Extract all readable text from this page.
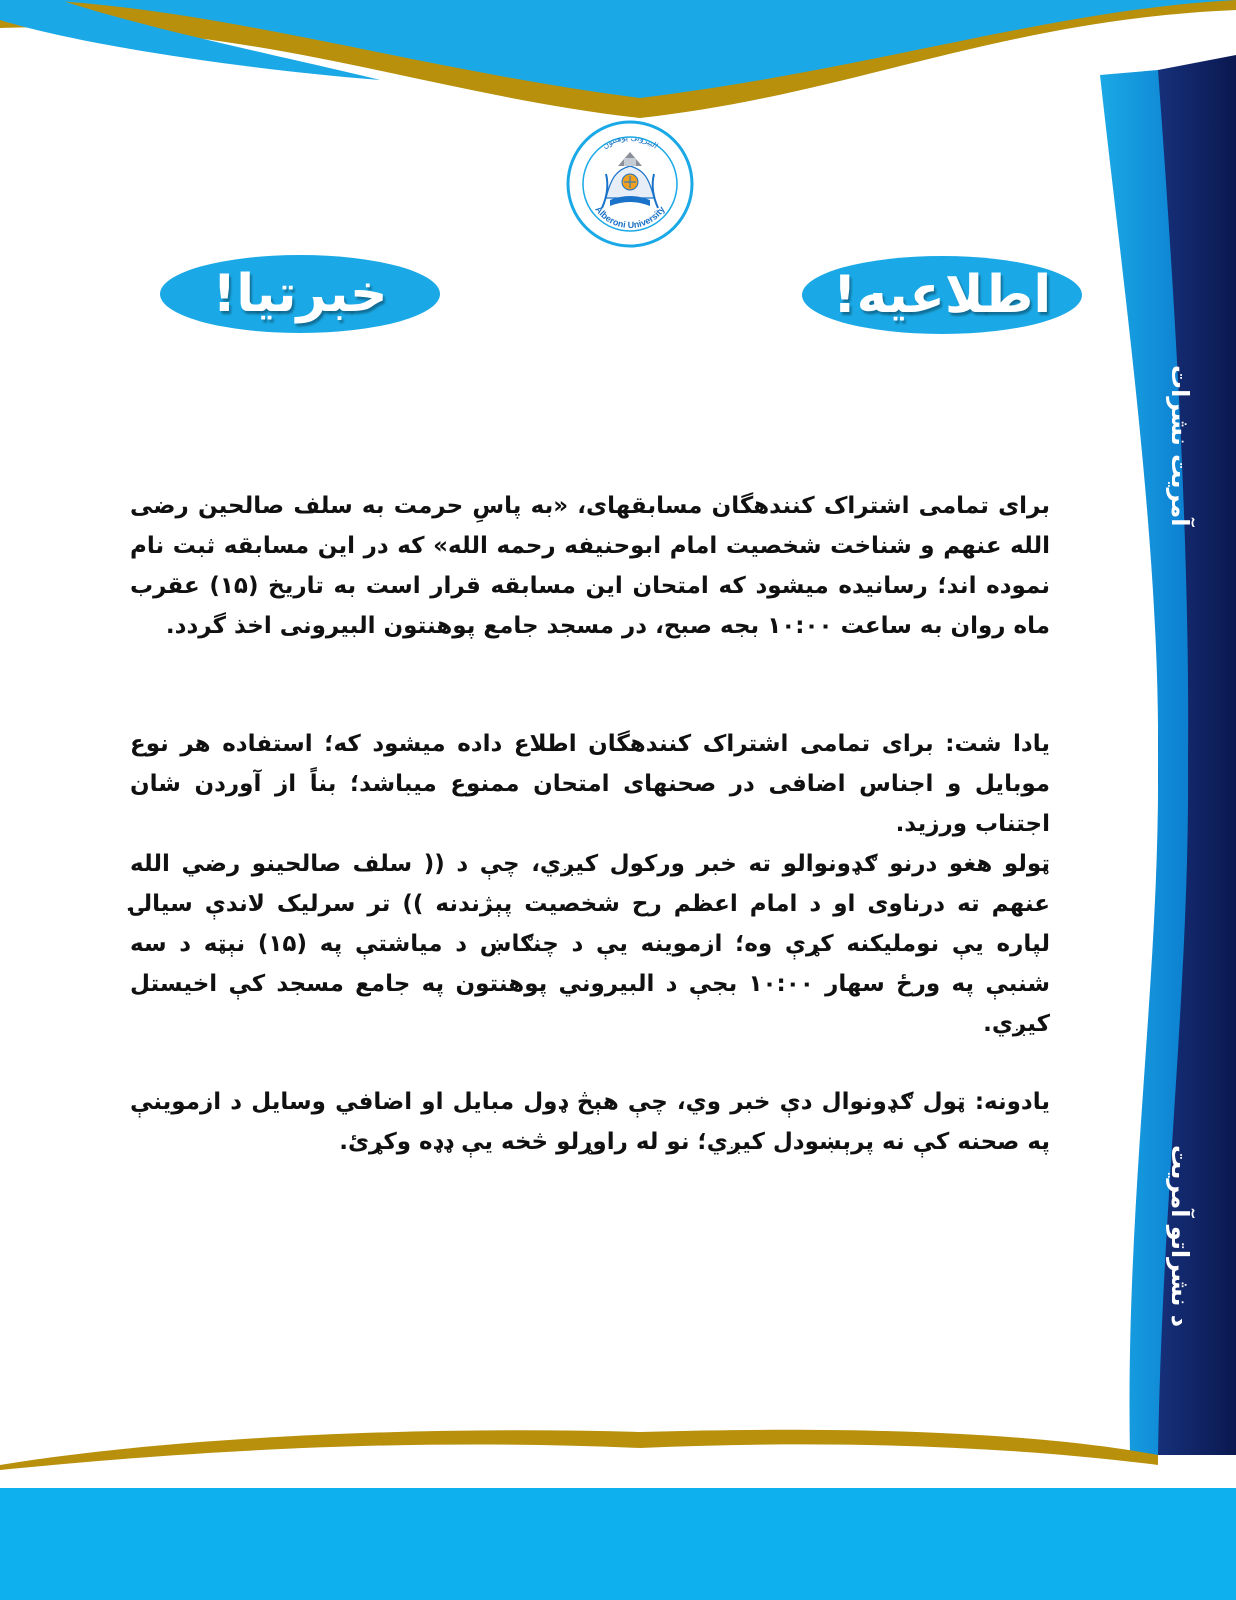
Alberoni University
البیرونی پوهنتون
خبرتیا!	اطلاعیه!
آمریت نشرات
د نشراتو آمریت

برای تمامی اشتراک کنندهگان مسابقهای، «به پاسِ حرمت به سلف صالحین رضی الله عنهم و شناخت شخصیت امام ابوحنیفه رحمه الله» که در این مسابقه ثبت نام نموده اند؛ رسانیده میشود که امتحان این مسابقه قرار است به تاریخ (۱۵) عقرب ماه روان به ساعت ۱۰:۰۰ بجه صبح، در مسجد جامع پوهنتون البیرونی اخذ گردد.

یادا شت: برای تمامی اشتراک کنندهگان اطلاع داده میشود که؛ استفاده هر نوع موبایل و اجناس اضافی در صحنهای امتحان ممنوع میباشد؛ بناً از آوردن شان اجتناب ورزید.

ټولو هغو درنو ګډونوالو ته خبر ورکول کیږي، چې د (( سلف صالحینو رضي الله عنهم ته درناوی او د امام اعظم رح شخصیت پېژندنه )) تر سرلیک لاندې سیالۍ لپاره یې نوملیکنه کړې وه؛ ازموینه یې د چنګاښ د میاشتې په (۱۵) نېټه د سه شنبې په ورځ سهار ۱۰:۰۰ بجې د البیروني پوهنتون په جامع مسجد کې اخیستل کیږي.

یادونه: ټول ګډونوال دې خبر وي، چې هېڅ ډول مبایل او اضافي وسایل د ازموینې په صحنه کې نه پرېښودل کیږي؛ نو له راوړلو څخه یې ډډه وکړئ.
